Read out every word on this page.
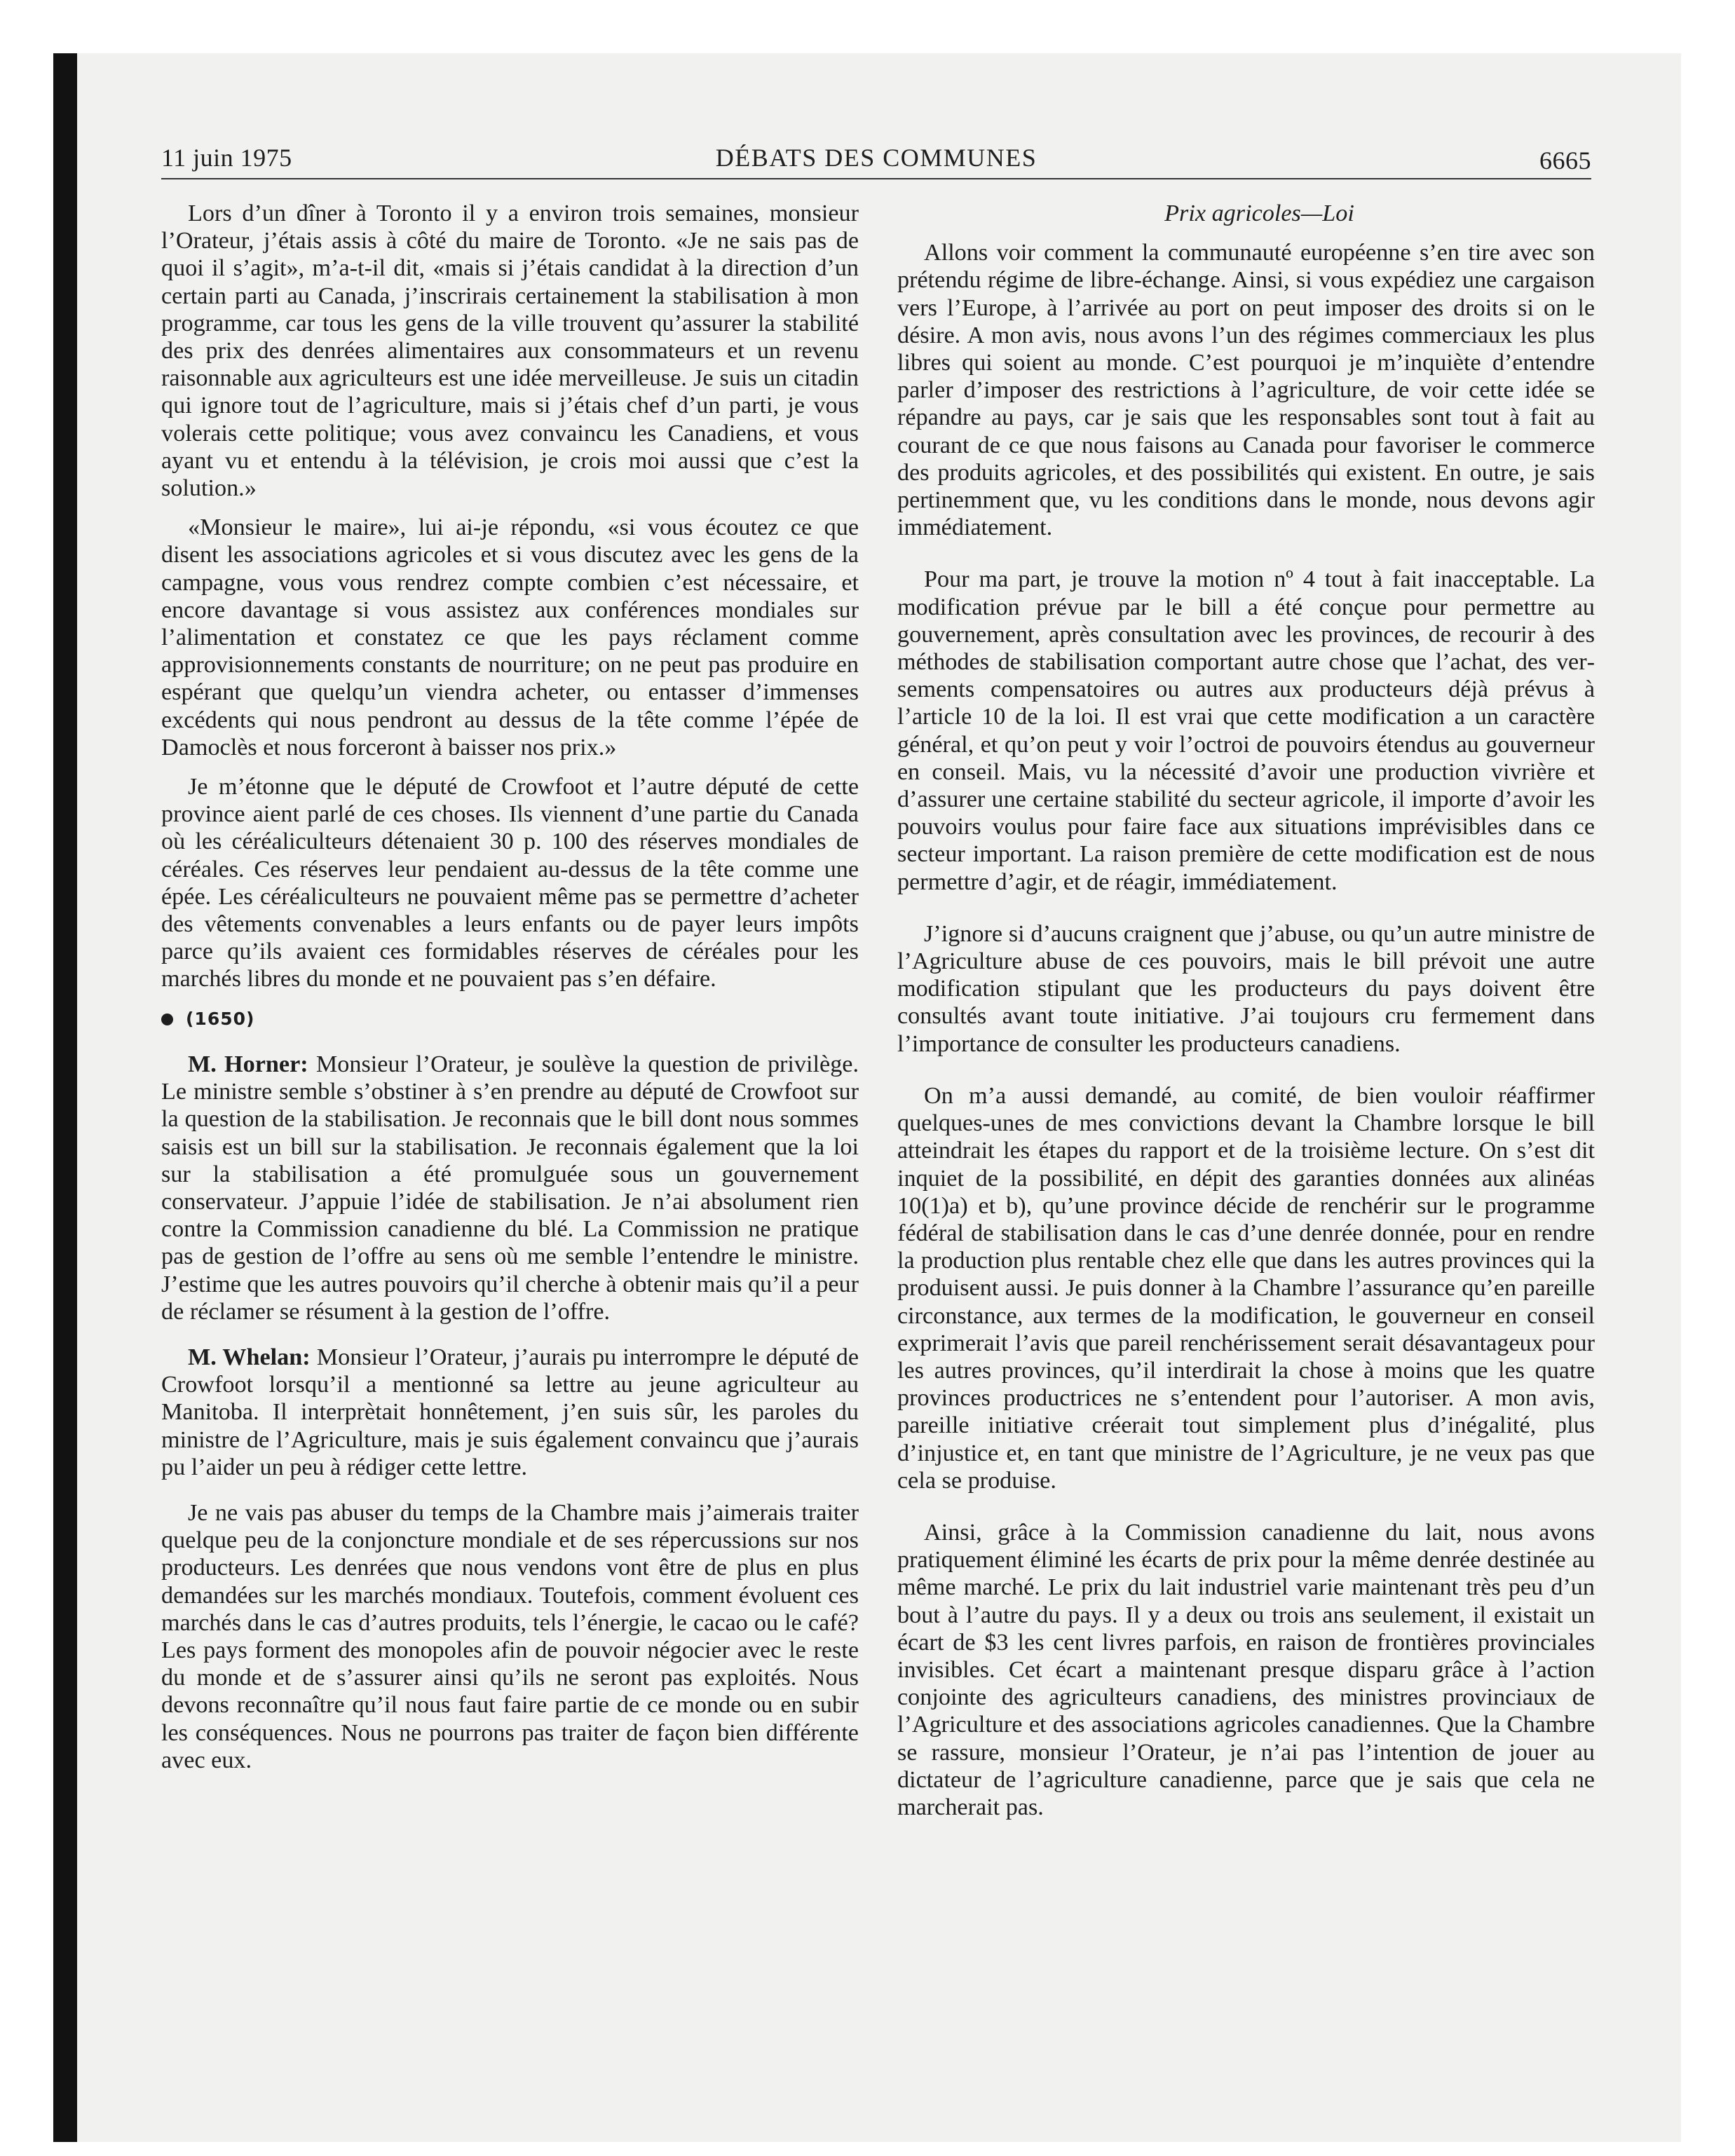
11 juin 1975	DÉBATS DES COMMUNES	6665

Lors d’un dîner à Toronto il y a environ trois semaines, monsieur l’Orateur, j’étais assis à côté du maire de Toronto. «Je ne sais pas de quoi il s’agit», m’a-t-il dit, «mais si j’étais candidat à la direction d’un certain parti au Canada, j’inscrirais certainement la stabilisation à mon programme, car tous les gens de la ville trouvent qu’assurer la stabilité des prix des denrées alimentaires aux consommateurs et un revenu raisonnable aux agriculteurs est une idée merveilleuse. Je suis un citadin qui ignore tout de l’agriculture, mais si j’étais chef d’un parti, je vous volerais cette politique; vous avez convaincu les Canadiens, et vous ayant vu et entendu à la télévision, je crois moi aussi que c’est la solution.»

«Monsieur le maire», lui ai-je répondu, «si vous écoutez ce que disent les associations agricoles et si vous discutez avec les gens de la campagne, vous vous rendrez compte combien c’est nécessaire, et encore davantage si vous assistez aux conférences mondiales sur l’alimentation et constatez ce que les pays réclament comme approvisionnements constants de nourriture; on ne peut pas produire en espérant que quelqu’un viendra acheter, ou entasser d’immenses excédents qui nous pendront au dessus de la tête comme l’épée de Damoclès et nous forceront à baisser nos prix.»

Je m’étonne que le député de Crowfoot et l’autre député de cette province aient parlé de ces choses. Ils viennent d’une partie du Canada où les céréaliculteurs détenaient 30 p. 100 des réserves mondiales de céréales. Ces réserves leur pendaient au-dessus de la tête comme une épée. Les céréaliculteurs ne pouvaient même pas se permettre d’acheter des vêtements convenables a leurs enfants ou de payer leurs impôts parce qu’ils avaient ces formidables réserves de céréales pour les marchés libres du monde et ne pouvaient pas s’en défaire.

(1650)

M. Horner: Monsieur l’Orateur, je soulève la question de privilège. Le ministre semble s’obstiner à s’en prendre au député de Crowfoot sur la question de la stabilisation. Je reconnais que le bill dont nous sommes saisis est un bill sur la stabilisation. Je reconnais également que la loi sur la stabilisation a été promulguée sous un gouvernement conservateur. J’appuie l’idée de stabilisation. Je n’ai absolument rien contre la Commission canadienne du blé. La Commission ne pratique pas de gestion de l’offre au sens où me semble l’entendre le ministre. J’estime que les autres pouvoirs qu’il cherche à obtenir mais qu’il a peur de réclamer se résument à la gestion de l’offre.

M. Whelan: Monsieur l’Orateur, j’aurais pu interrompre le député de Crowfoot lorsqu’il a mentionné sa lettre au jeune agriculteur au Manitoba. Il interprètait honnêtement, j’en suis sûr, les paroles du ministre de l’Agriculture, mais je suis également convaincu que j’aurais pu l’aider un peu à rédiger cette lettre.

Je ne vais pas abuser du temps de la Chambre mais j’aimerais traiter quelque peu de la conjoncture mondiale et de ses répercussions sur nos producteurs. Les denrées que nous vendons vont être de plus en plus demandées sur les marchés mondiaux. Toutefois, comment évoluent ces marchés dans le cas d’autres produits, tels l’énergie, le cacao ou le café? Les pays forment des monopoles afin de pouvoir négocier avec le reste du monde et de s’assurer ainsi qu’ils ne seront pas exploités. Nous devons reconnaître qu’il nous faut faire partie de ce monde ou en subir les conséquences. Nous ne pourrons pas traiter de façon bien différente avec eux.

Prix agricoles—Loi

Allons voir comment la communauté européenne s’en tire avec son prétendu régime de libre-échange. Ainsi, si vous expédiez une cargaison vers l’Europe, à l’arrivée au port on peut imposer des droits si on le désire. A mon avis, nous avons l’un des régimes commerciaux les plus libres qui soient au monde. C’est pourquoi je m’inquiète d’entendre parler d’imposer des restrictions à l’agriculture, de voir cette idée se répandre au pays, car je sais que les responsables sont tout à fait au courant de ce que nous faisons au Canada pour favoriser le commerce des produits agricoles, et des possibilités qui existent. En outre, je sais pertinemment que, vu les conditions dans le monde, nous devons agir immédiatement.

Pour ma part, je trouve la motion nº 4 tout à fait inacceptable. La modification prévue par le bill a été conçue pour permettre au gouvernement, après consultation avec les provinces, de recourir à des méthodes de stabilisation comportant autre chose que l’achat, des versements compensatoires ou autres aux producteurs déjà prévus à l’article 10 de la loi. Il est vrai que cette modification a un caractère général, et qu’on peut y voir l’octroi de pouvoirs étendus au gouverneur en conseil. Mais, vu la nécessité d’avoir une production vivrière et d’assurer une certaine stabilité du secteur agricole, il importe d’avoir les pouvoirs voulus pour faire face aux situations imprévisibles dans ce secteur important. La raison première de cette modification est de nous permettre d’agir, et de réagir, immédiatement.

J’ignore si d’aucuns craignent que j’abuse, ou qu’un autre ministre de l’Agriculture abuse de ces pouvoirs, mais le bill prévoit une autre modification stipulant que les producteurs du pays doivent être consultés avant toute initiative. J’ai toujours cru fermement dans l’importance de consulter les producteurs canadiens.

On m’a aussi demandé, au comité, de bien vouloir réaffirmer quelques-unes de mes convictions devant la Chambre lorsque le bill atteindrait les étapes du rapport et de la troisième lecture. On s’est dit inquiet de la possibilité, en dépit des garanties données aux alinéas 10(1)a) et b), qu’une province décide de renchérir sur le programme fédéral de stabilisation dans le cas d’une denrée donnée, pour en rendre la production plus rentable chez elle que dans les autres provinces qui la produisent aussi. Je puis donner à la Chambre l’assurance qu’en pareille circonstance, aux termes de la modification, le gouverneur en conseil exprimerait l’avis que pareil renchérissement serait désavantageux pour les autres provinces, qu’il interdirait la chose à moins que les quatre provinces productrices ne s’entendent pour l’autoriser. A mon avis, pareille initiative créerait tout simplement plus d’inégalité, plus d’injustice et, en tant que ministre de l’Agriculture, je ne veux pas que cela se produise.

Ainsi, grâce à la Commission canadienne du lait, nous avons pratiquement éliminé les écarts de prix pour la même denrée destinée au même marché. Le prix du lait industriel varie maintenant très peu d’un bout à l’autre du pays. Il y a deux ou trois ans seulement, il existait un écart de $3 les cent livres parfois, en raison de frontières provinciales invisibles. Cet écart a maintenant presque disparu grâce à l’action conjointe des agriculteurs canadiens, des ministres provinciaux de l’Agriculture et des associations agricoles canadiennes. Que la Chambre se rassure, monsieur l’Orateur, je n’ai pas l’intention de jouer au dictateur de l’agriculture canadienne, parce que je sais que cela ne marcherait pas.
